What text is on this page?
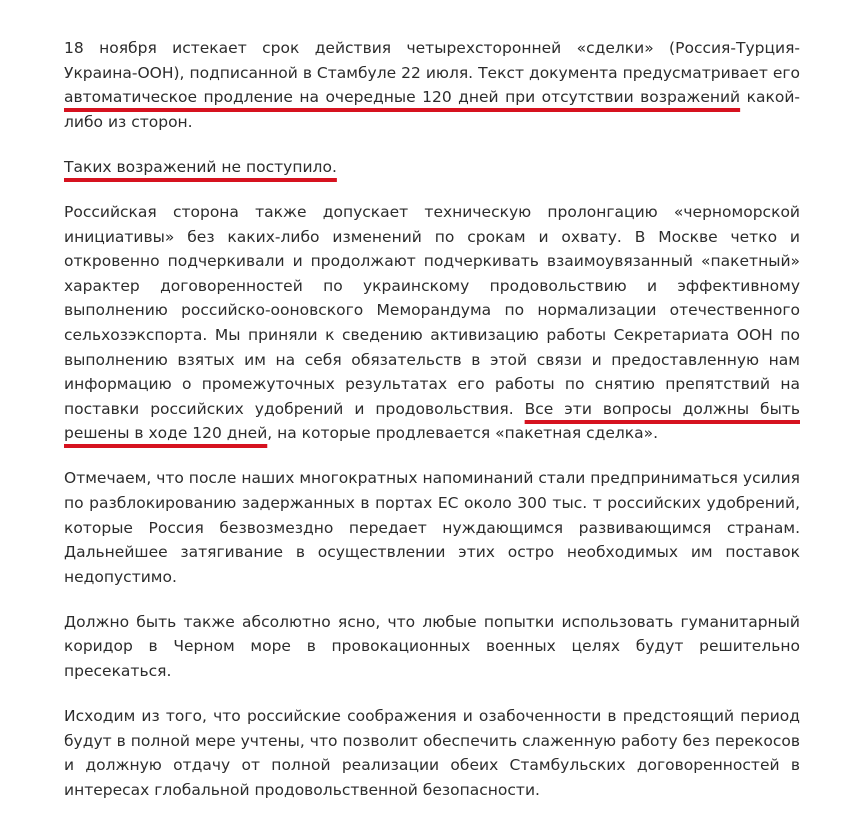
18 ноября истекает срок действия четырехсторонней «сделки» (Россия-Турция-Украина-ООН), подписанной в Стамбуле 22 июля. Текст документа предусматривает его автоматическое продление на очередные 120 дней при отсутствии возражений какой-либо из сторон.

Таких возражений не поступило.

Российская сторона также допускает техническую пролонгацию «черноморской инициативы» без каких-либо изменений по срокам и охвату. В Москве четко и откровенно подчеркивали и продолжают подчеркивать взаимоувязанный «пакетный» характер договоренностей по украинскому продовольствию и эффективному выполнению российско-ооновского Меморандума по нормализации отечественного сельхозэкспорта. Мы приняли к сведению активизацию работы Секретариата ООН по выполнению взятых им на себя обязательств в этой связи и предоставленную нам информацию о промежуточных результатах его работы по снятию препятствий на поставки российских удобрений и продовольствия. Все эти вопросы должны быть решены в ходе 120 дней, на которые продлевается «пакетная сделка».

Отмечаем, что после наших многократных напоминаний стали предприниматься усилия по разблокированию задержанных в портах ЕС около 300 тыс. т российских удобрений, которые Россия безвозмездно передает нуждающимся развивающимся странам. Дальнейшее затягивание в осуществлении этих остро необходимых им поставок недопустимо.

Должно быть также абсолютно ясно, что любые попытки использовать гуманитарный коридор в Черном море в провокационных военных целях будут решительно пресекаться.

Исходим из того, что российские соображения и озабоченности в предстоящий период будут в полной мере учтены, что позволит обеспечить слаженную работу без перекосов и должную отдачу от полной реализации обеих Стамбульских договоренностей в интересах глобальной продовольственной безопасности.
